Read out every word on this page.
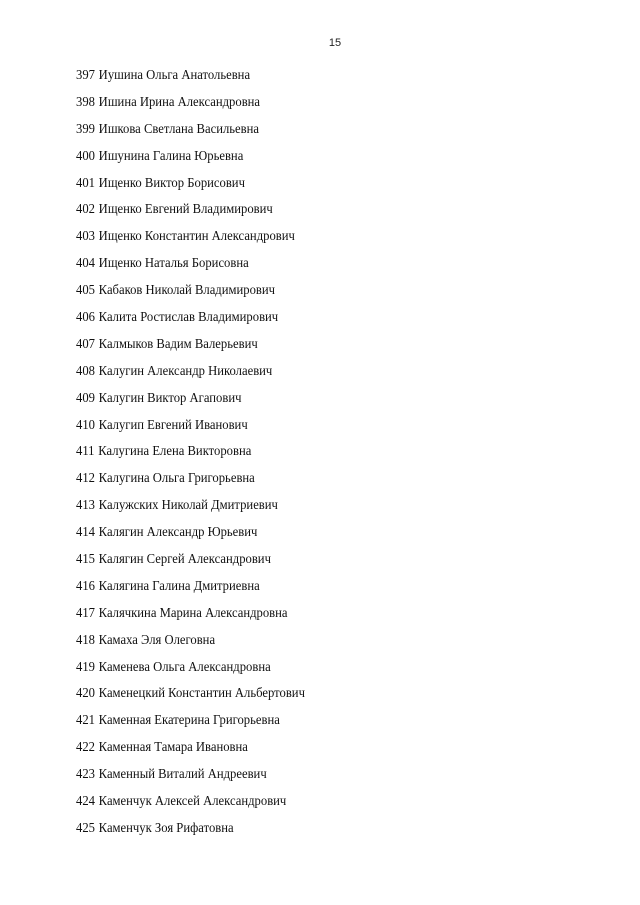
15
397 Иушина Ольга Анатольевна
398 Ишина Ирина Александровна
399 Ишкова Светлана Васильевна
400 Ишунина Галина Юрьевна
401 Ищенко Виктор Борисович
402 Ищенко Евгений Владимирович
403 Ищенко Константин Александрович
404 Ищенко Наталья Борисовна
405 Кабаков Николай Владимирович
406 Калита Ростислав Владимирович
407 Калмыков Вадим Валерьевич
408 Калугин Александр Николаевич
409 Калугин Виктор Агапович
410 Калугип Евгений Иванович
411 Калугина Елена Викторовна
412 Калугина Ольга Григорьевна
413 Калужских Николай Дмитриевич
414 Калягин Александр Юрьевич
415 Калягин Сергей Александрович
416 Калягина Галина Дмитриевна
417 Калячкина Марина Александровна
418 Камаха Эля Олеговна
419 Каменева Ольга Александровна
420 Каменецкий Константин Альбертович
421 Каменная Екатерина Григорьевна
422 Каменная Тамара Ивановна
423 Каменный Виталий Андреевич
424 Каменчук Алексей Александрович
425 Каменчук Зоя Рифатовна
